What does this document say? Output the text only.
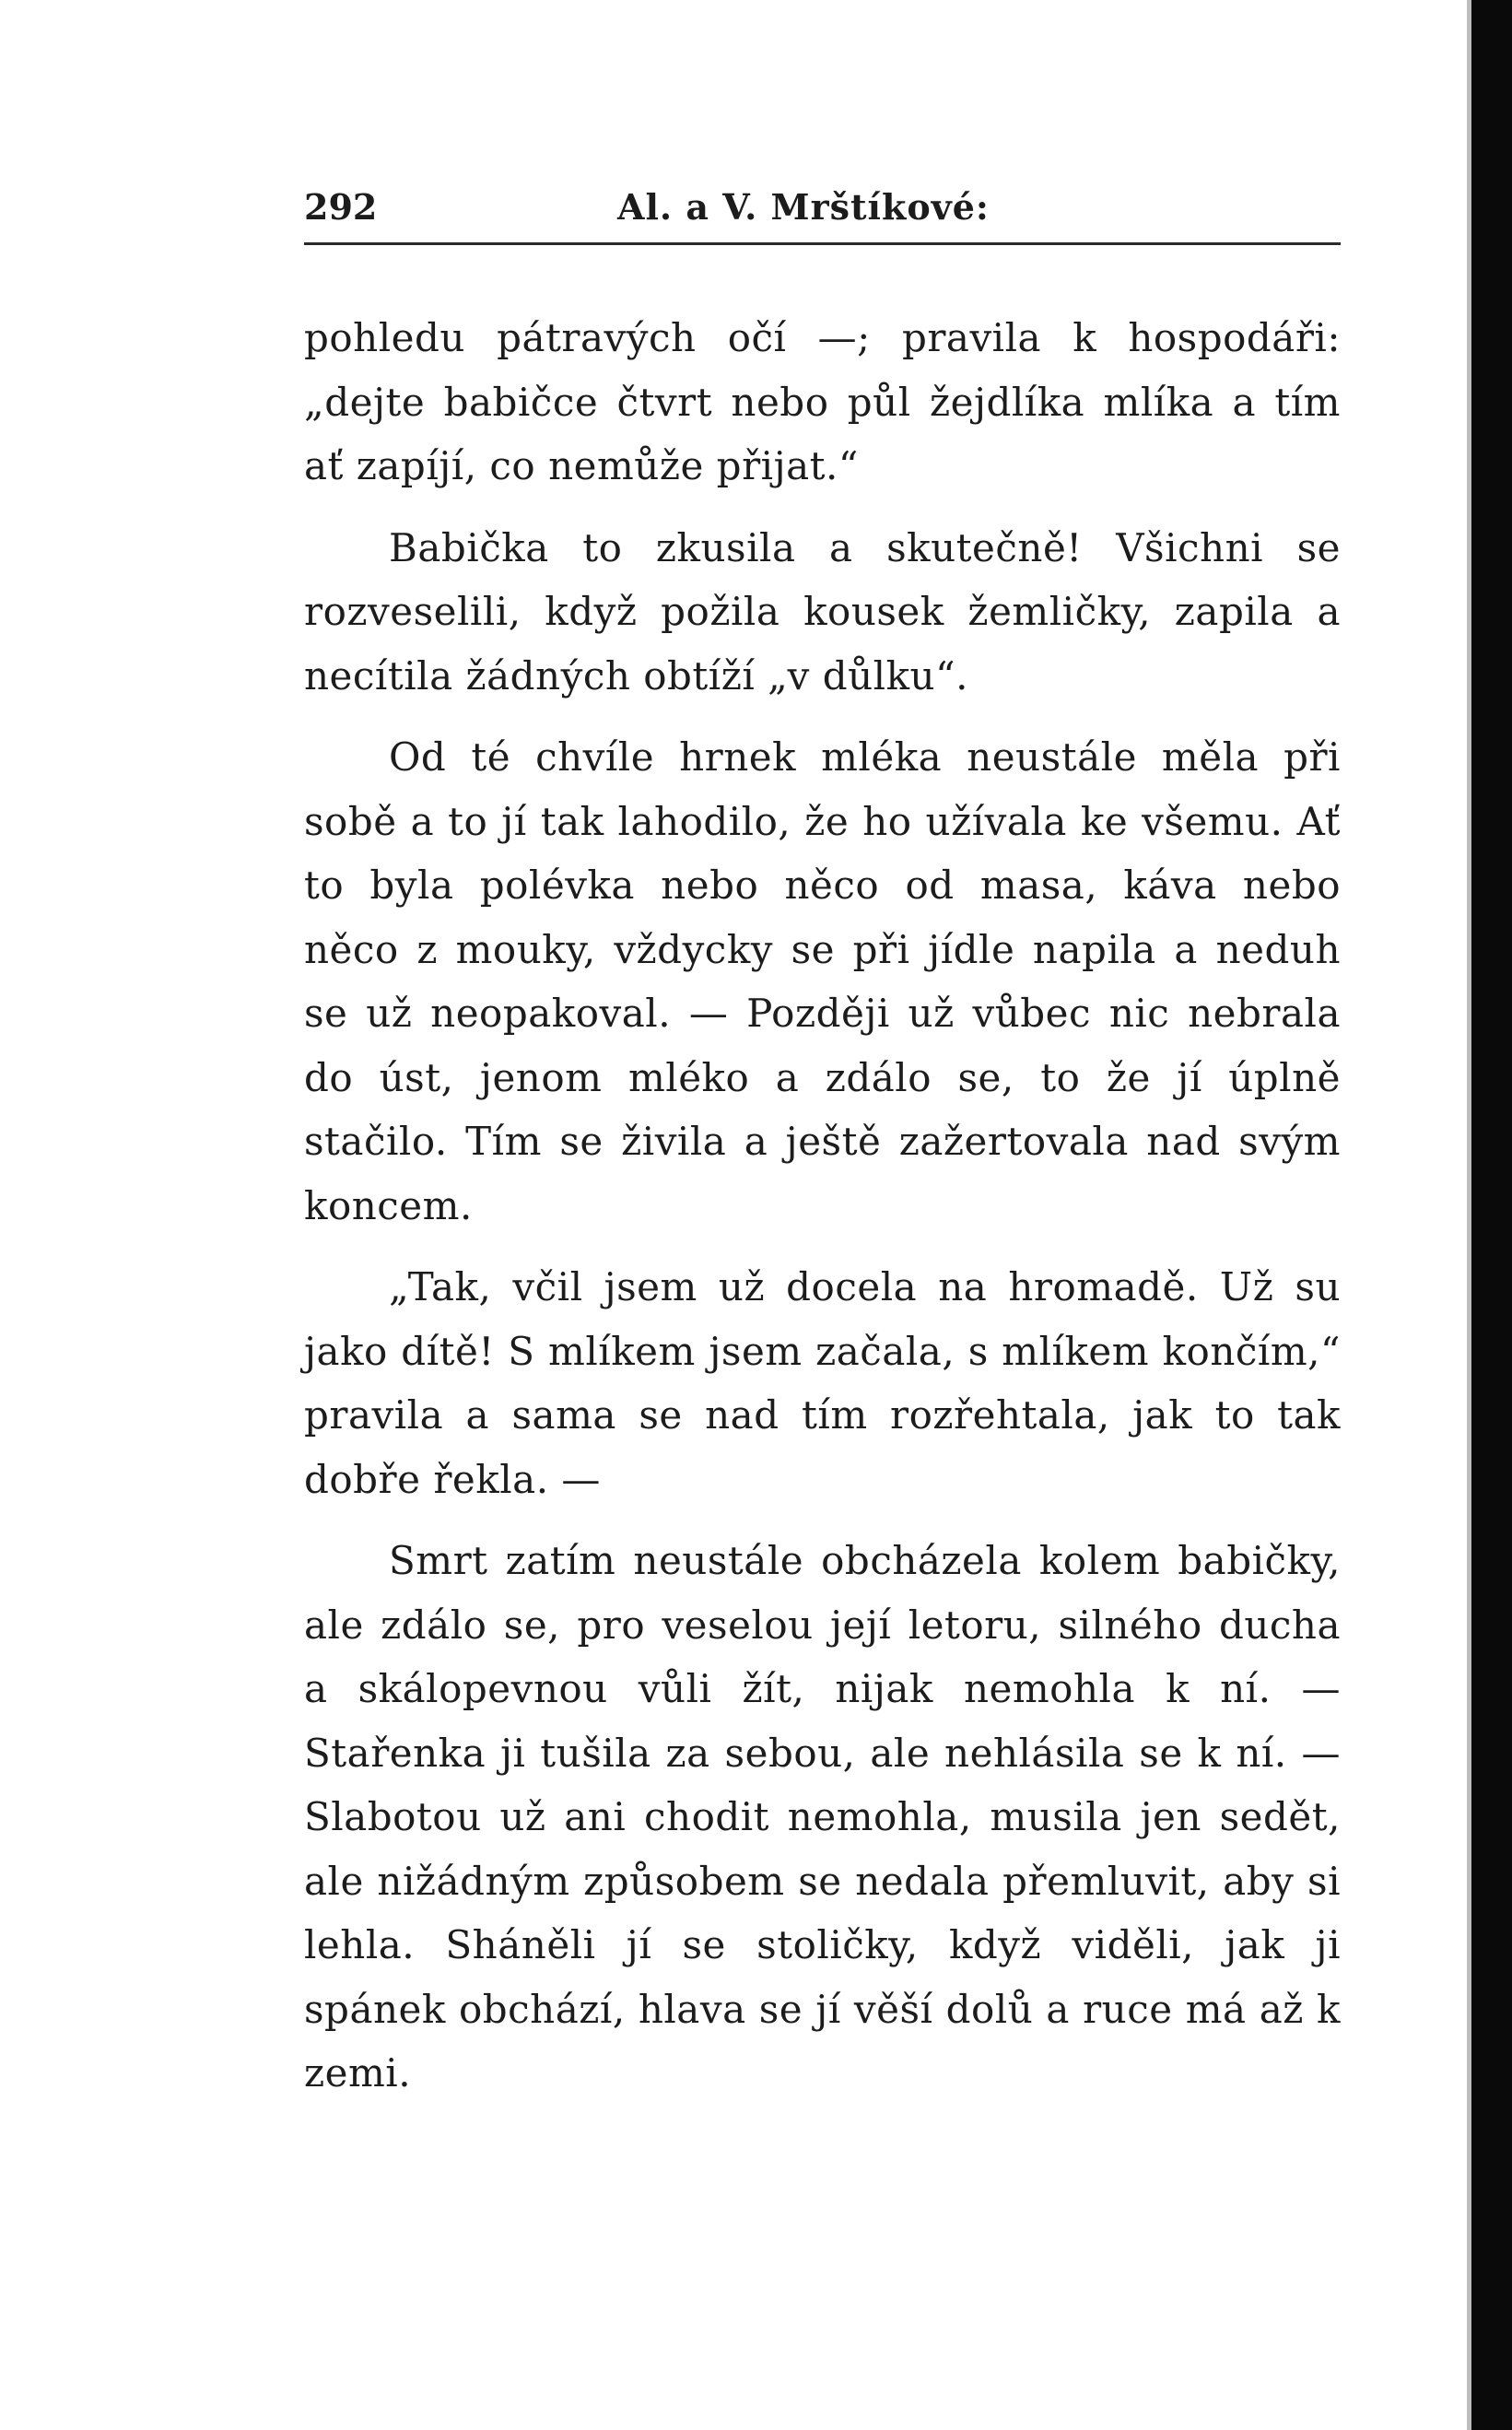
292	Al. a V. Mrštíkové:

pohledu pátravých očí —; pravila k hospodáři: „dejte babičce čtvrt nebo půl žejdlíka mlíka a tím ať zapíjí, co nemůže přijat.“

Babička to zkusila a skutečně! Všichni se rozveselili, když požila kousek žemličky, zapila a necítila žádných obtíží „v důlku“.

Od té chvíle hrnek mléka neustále měla při sobě a to jí tak lahodilo, že ho užívala ke všemu. Ať to byla polévka nebo něco od masa, káva nebo něco z mouky, vždycky se při jídle napila a neduh se už neopakoval. — Později už vůbec nic nebrala do úst, jenom mléko a zdálo se, to že jí úplně stačilo. Tím se živila a ještě zažertovala nad svým koncem.

„Tak, včil jsem už docela na hromadě. Už su jako dítě! S mlíkem jsem začala, s mlíkem končím,“ pravila a sama se nad tím rozřehtala, jak to tak dobře řekla. —

Smrt zatím neustále obcházela kolem babičky, ale zdálo se, pro veselou její letoru, silného ducha a skálopevnou vůli žít, nijak nemohla k ní. — Stařenka ji tušila za sebou, ale nehlásila se k ní. — Slabotou už ani chodit nemohla, musila jen sedět, ale nižádným způsobem se nedala přemluvit, aby si lehla. Sháněli jí se stoličky, když viděli, jak ji spánek obchází, hlava se jí věší dolů a ruce má až k zemi.
